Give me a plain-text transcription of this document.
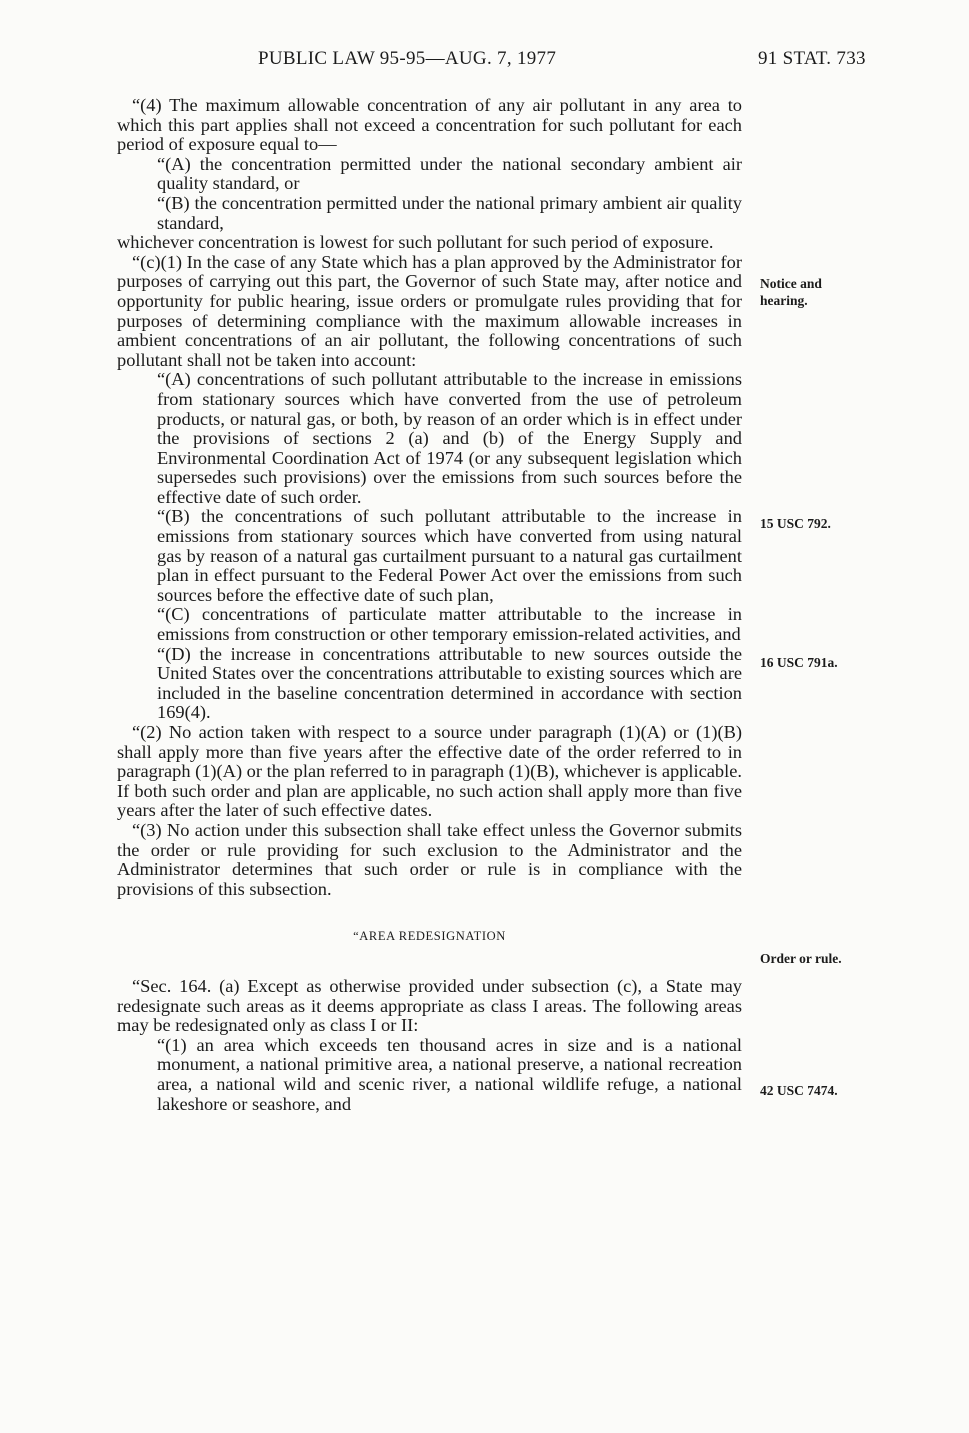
PUBLIC LAW 95-95—AUG. 7, 1977	91 STAT. 733

“(4) The maximum allowable concentration of any air pollutant in any area to which this part applies shall not exceed a concentration for such pollutant for each period of exposure equal to—

“(A) the concentration permitted under the national secondary ambient air quality standard, or

“(B) the concentration permitted under the national primary ambient air quality standard,

whichever concentration is lowest for such pollutant for such period of exposure.

“(c)(1) In the case of any State which has a plan approved by the Administrator for purposes of carrying out this part, the Governor of such State may, after notice and opportunity for public hearing, issue orders or promulgate rules providing that for purposes of determining compliance with the maximum allowable increases in ambient concentrations of an air pollutant, the following concentrations of such pollutant shall not be taken into account:

“(A) concentrations of such pollutant attributable to the increase in emissions from stationary sources which have converted from the use of petroleum products, or natural gas, or both, by reason of an order which is in effect under the provisions of sections 2 (a) and (b) of the Energy Supply and Environmental Coordination Act of 1974 (or any subsequent legislation which supersedes such provisions) over the emissions from such sources before the effective date of such order.

“(B) the concentrations of such pollutant attributable to the increase in emissions from stationary sources which have converted from using natural gas by reason of a natural gas curtailment pursuant to a natural gas curtailment plan in effect pursuant to the Federal Power Act over the emissions from such sources before the effective date of such plan,

“(C) concentrations of particulate matter attributable to the increase in emissions from construction or other temporary emission-related activities, and

“(D) the increase in concentrations attributable to new sources outside the United States over the concentrations attributable to existing sources which are included in the baseline concentration determined in accordance with section 169(4).

“(2) No action taken with respect to a source under paragraph (1)(A) or (1)(B) shall apply more than five years after the effective date of the order referred to in paragraph (1)(A) or the plan referred to in paragraph (1)(B), whichever is applicable. If both such order and plan are applicable, no such action shall apply more than five years after the later of such effective dates.

“(3) No action under this subsection shall take effect unless the Governor submits the order or rule providing for such exclusion to the Administrator and the Administrator determines that such order or rule is in compliance with the provisions of this subsection.

“AREA REDESIGNATION

“Sec. 164. (a) Except as otherwise provided under subsection (c), a State may redesignate such areas as it deems appropriate as class I areas. The following areas may be redesignated only as class I or II:

“(1) an area which exceeds ten thousand acres in size and is a national monument, a national primitive area, a national preserve, a national recreation area, a national wild and scenic river, a national wildlife refuge, a national lakeshore or seashore, and

Notice and hearing.
15 USC 792.
16 USC 791a.
Order or rule.
42 USC 7474.
